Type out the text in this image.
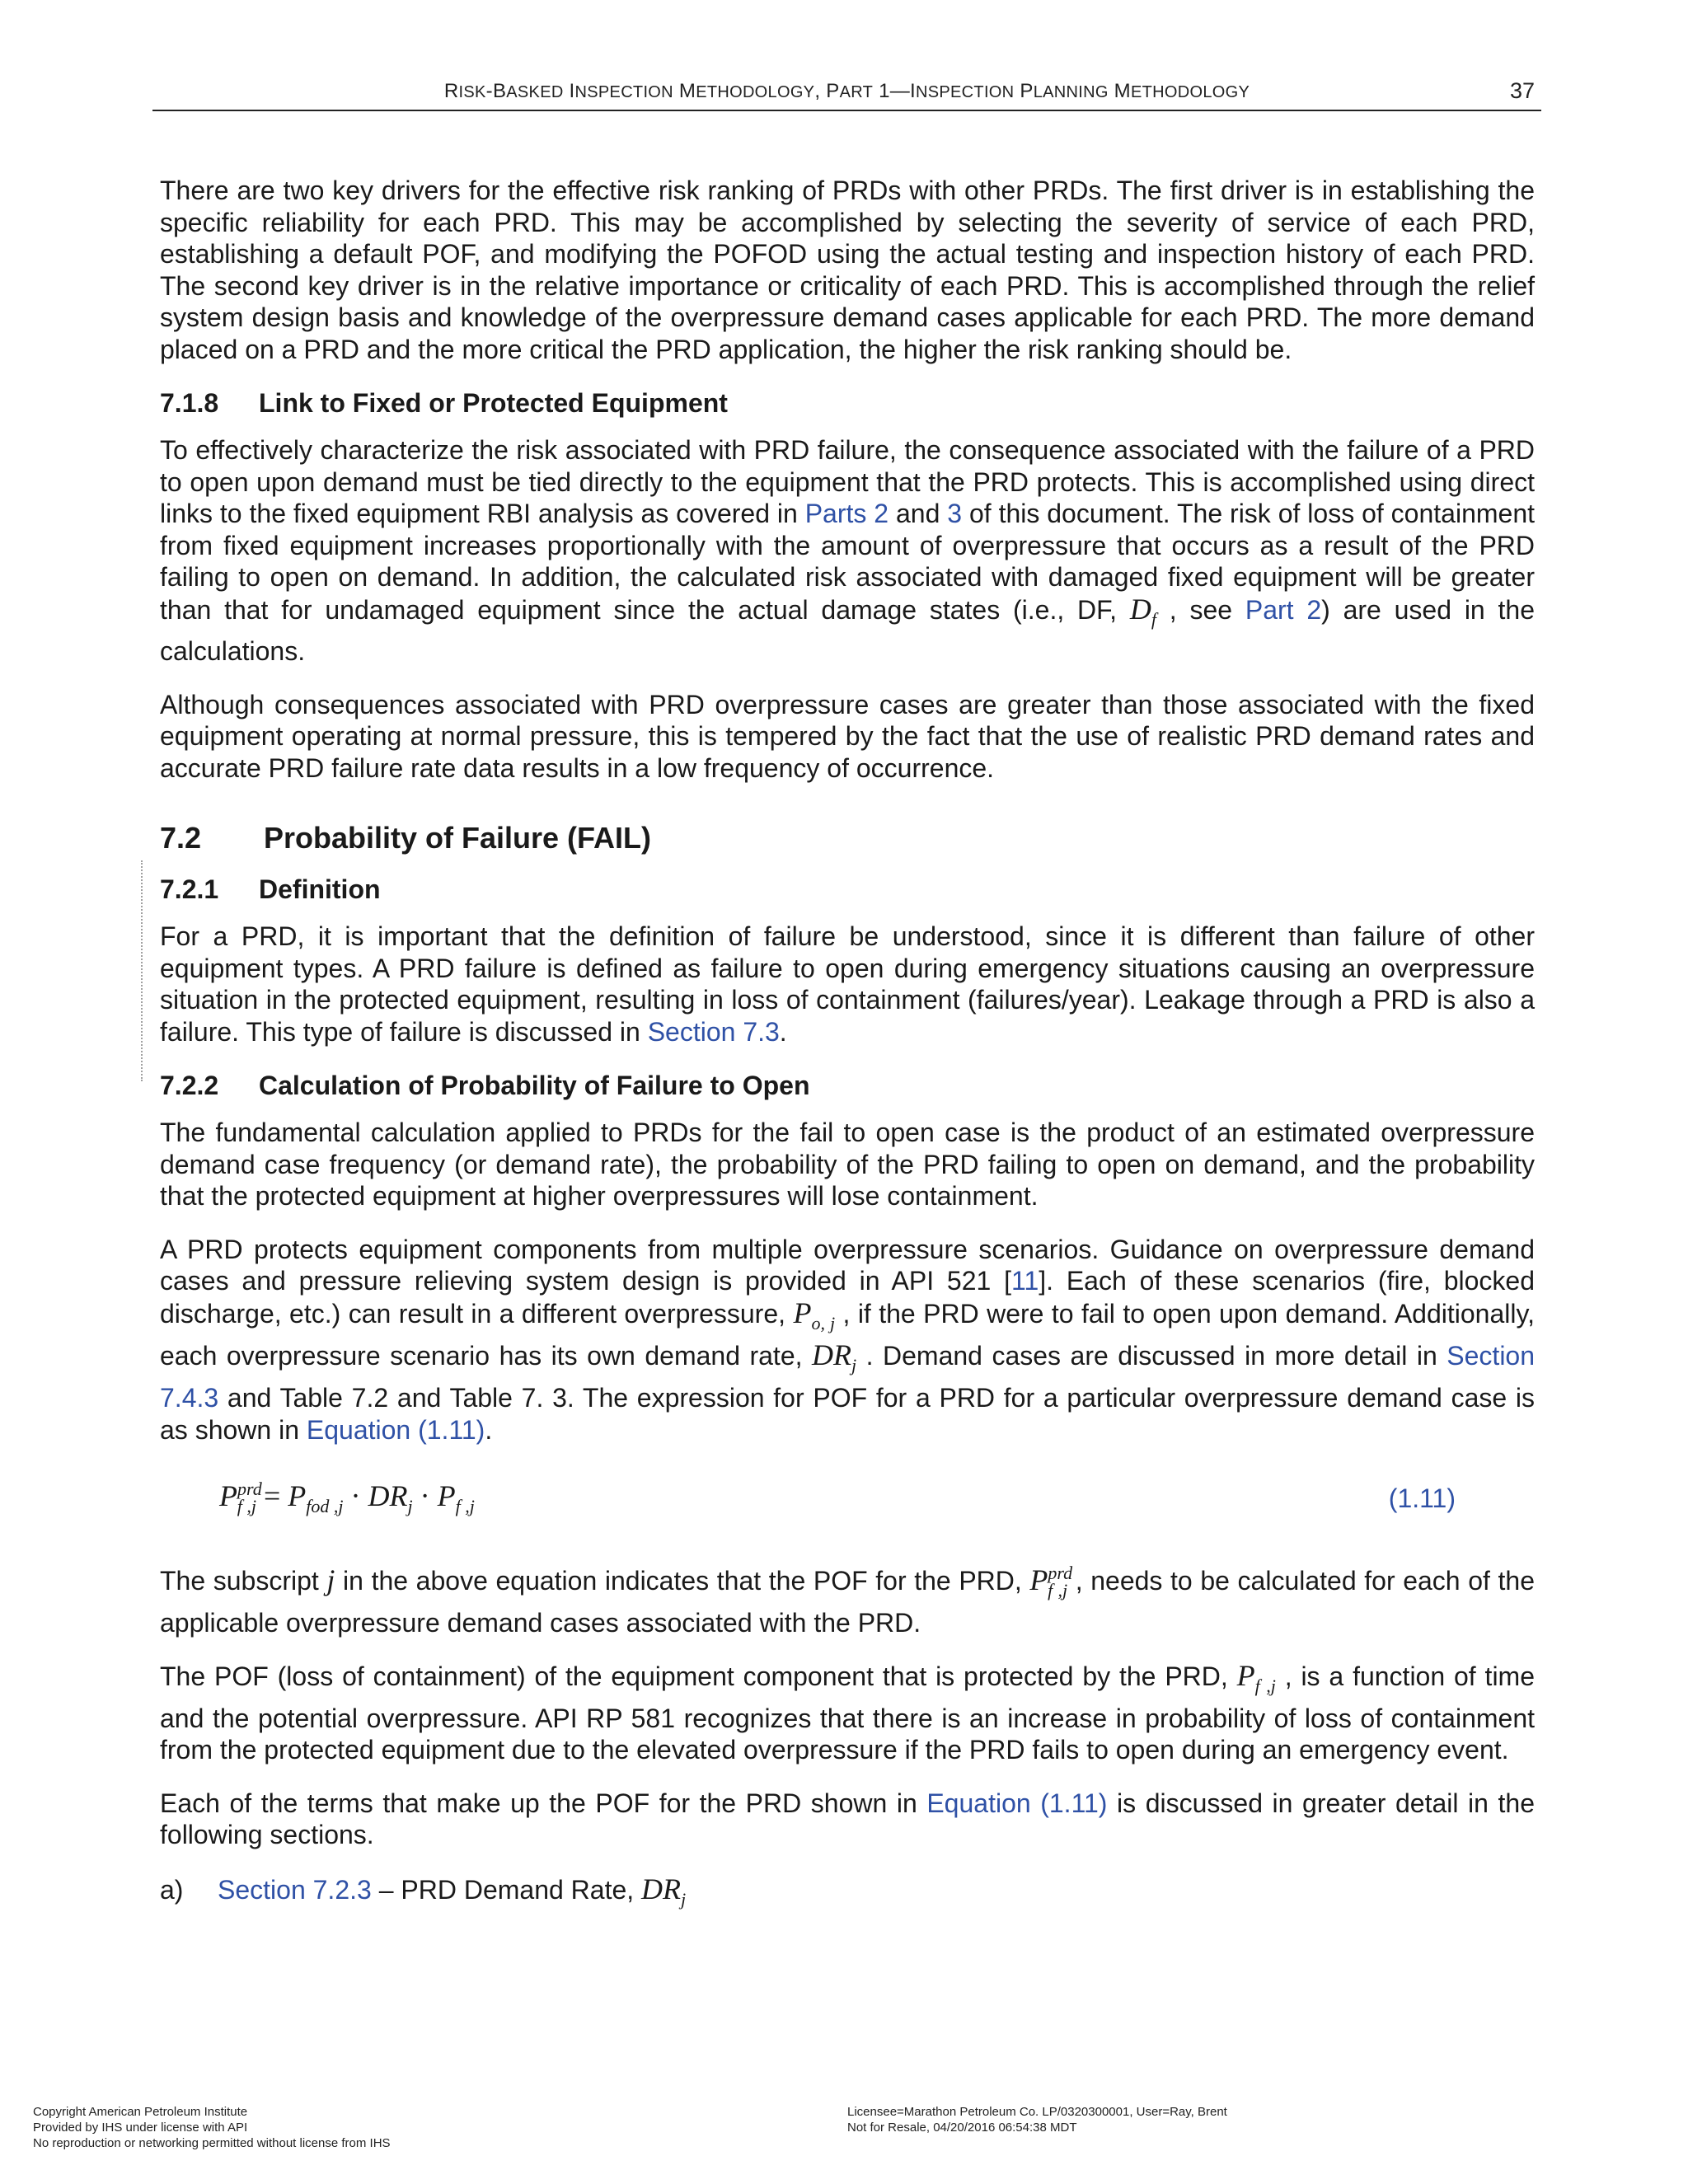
RISK-BASKED INSPECTION METHODOLOGY, PART 1—INSPECTION PLANNING METHODOLOGY	37

There are two key drivers for the effective risk ranking of PRDs with other PRDs. The first driver is in establishing the specific reliability for each PRD. This may be accomplished by selecting the severity of service of each PRD, establishing a default POF, and modifying the POFOD using the actual testing and inspection history of each PRD. The second key driver is in the relative importance or criticality of each PRD. This is accomplished through the relief system design basis and knowledge of the overpressure demand cases applicable for each PRD. The more demand placed on a PRD and the more critical the PRD application, the higher the risk ranking should be.

7.1.8 Link to Fixed or Protected Equipment

To effectively characterize the risk associated with PRD failure, the consequence associated with the failure of a PRD to open upon demand must be tied directly to the equipment that the PRD protects. This is accomplished using direct links to the fixed equipment RBI analysis as covered in Parts 2 and 3 of this document. The risk of loss of containment from fixed equipment increases proportionally with the amount of overpressure that occurs as a result of the PRD failing to open on demand. In addition, the calculated risk associated with damaged fixed equipment will be greater than that for undamaged equipment since the actual damage states (i.e., DF, $D_f$ , see Part 2) are used in the calculations.

Although consequences associated with PRD overpressure cases are greater than those associated with the fixed equipment operating at normal pressure, this is tempered by the fact that the use of realistic PRD demand rates and accurate PRD failure rate data results in a low frequency of occurrence.

7.2 Probability of Failure (FAIL)
7.2.1 Definition

For a PRD, it is important that the definition of failure be understood, since it is different than failure of other equipment types. A PRD failure is defined as failure to open during emergency situations causing an overpressure situation in the protected equipment, resulting in loss of containment (failures/year). Leakage through a PRD is also a failure. This type of failure is discussed in Section 7.3.

7.2.2 Calculation of Probability of Failure to Open

The fundamental calculation applied to PRDs for the fail to open case is the product of an estimated overpressure demand case frequency (or demand rate), the probability of the PRD failing to open on demand, and the probability that the protected equipment at higher overpressures will lose containment.

A PRD protects equipment components from multiple overpressure scenarios. Guidance on overpressure demand cases and pressure relieving system design is provided in API 521 [11]. Each of these scenarios (fire, blocked discharge, etc.) can result in a different overpressure, $P_{o, j}$ , if the PRD were to fail to open upon demand. Additionally, each overpressure scenario has its own demand rate, $DR_j$ . Demand cases are discussed in more detail in Section 7.4.3 and Table 7.2 and Table 7. 3. The expression for POF for a PRD for a particular overpressure demand case is as shown in Equation (1.11).

$P^{prd}_{f ,j} = P_{fod ,j} \cdot DR_j \cdot P_{f ,j}$	(1.11)

The subscript j in the above equation indicates that the POF for the PRD, $P^{prd}_{f ,j}$ , needs to be calculated for each of the applicable overpressure demand cases associated with the PRD.

The POF (loss of containment) of the equipment component that is protected by the PRD, $P_{f ,j}$ , is a function of time and the potential overpressure. API RP 581 recognizes that there is an increase in probability of loss of containment from the protected equipment due to the elevated overpressure if the PRD fails to open during an emergency event.

Each of the terms that make up the POF for the PRD shown in Equation (1.11) is discussed in greater detail in the following sections.

a) Section 7.2.3 – PRD Demand Rate, $DR_j$
Copyright American Petroleum Institute
Provided by IHS under license with API
No reproduction or networking permitted without license from IHS
Licensee=Marathon Petroleum Co. LP/0320300001, User=Ray, Brent
Not for Resale, 04/20/2016 06:54:38 MDT
